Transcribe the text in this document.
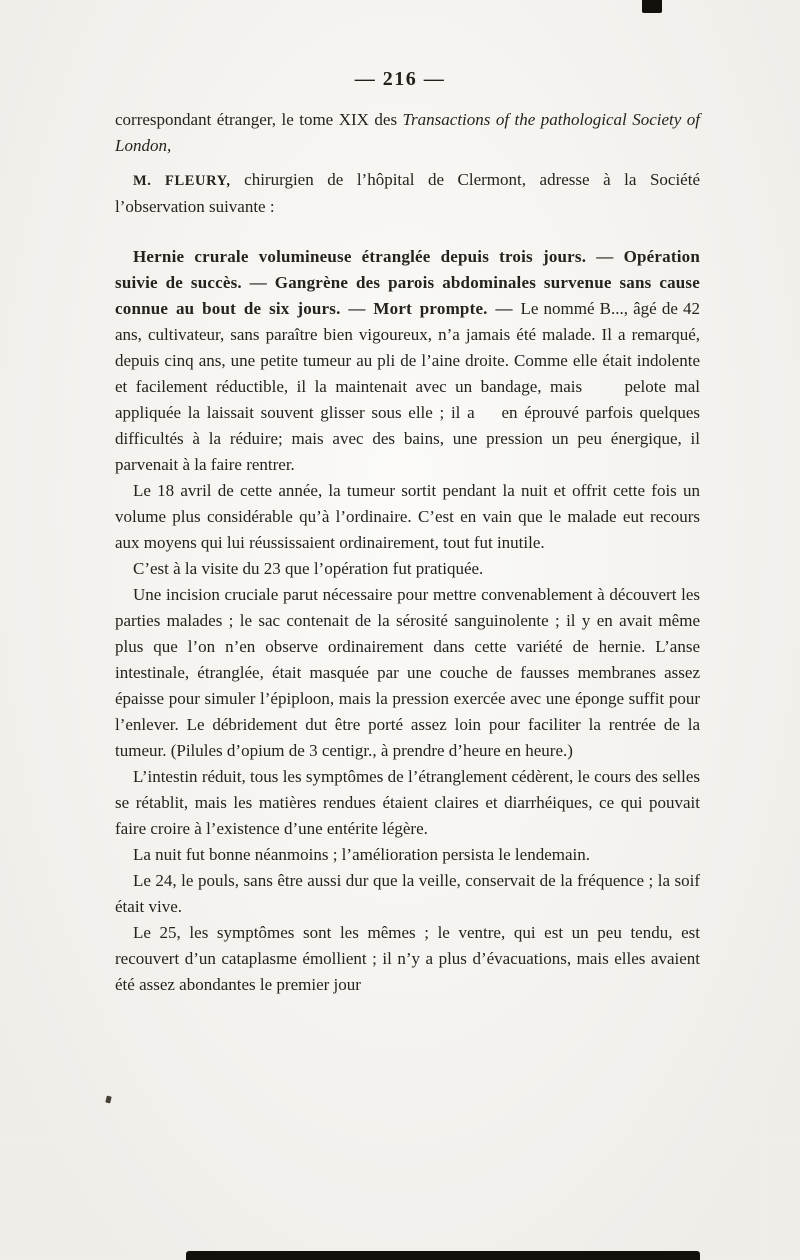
— 216 —

correspondant étranger, le tome XIX des Transactions of the pathological Society of London,

M. FLEURY, chirurgien de l’hôpital de Clermont, adresse à la Société l’observation suivante :

Hernie crurale volumineuse étranglée depuis trois jours. — Opération suivie de succès. — Gangrène des parois abdominales survenue sans cause connue au bout de six jours. — Mort prompte. — Le nommé B..., âgé de 42 ans, cultivateur, sans paraître bien vigoureux, n’a jamais été malade. Il a remarqué, depuis cinq ans, une petite tumeur au pli de l’aine droite. Comme elle était indolente et facilement réductible, il la maintenait avec un bandage, mais     pelote mal appliquée la laissait souvent glisser sous elle ; il a    en éprouvé parfois quelques difficultés à la réduire; mais avec des bains, une pression un peu énergique, il parvenait à la faire rentrer.

Le 18 avril de cette année, la tumeur sortit pendant la nuit et offrit cette fois un volume plus considérable qu’à l’ordinaire. C’est en vain que le malade eut recours aux moyens qui lui réussissaient ordinairement, tout fut inutile.

C’est à la visite du 23 que l’opération fut pratiquée.

Une incision cruciale parut nécessaire pour mettre convenablement à découvert les parties malades ; le sac contenait de la sérosité sanguinolente ; il y en avait même plus que l’on n’en observe ordinairement dans cette variété de hernie. L’anse intestinale, étranglée, était masquée par une couche de fausses membranes assez épaisse pour simuler l’épiploon, mais la pression exercée avec une éponge suffit pour l’enlever. Le débridement dut être porté assez loin pour faciliter la rentrée de la tumeur. (Pilules d’opium de 3 centigr., à prendre d’heure en heure.)

L’intestin réduit, tous les symptômes de l’étranglement cédèrent, le cours des selles se rétablit, mais les matières rendues étaient claires et diarrhéiques, ce qui pouvait faire croire à l’existence d’une entérite légère.

La nuit fut bonne néanmoins ; l’amélioration persista le lendemain.

Le 24, le pouls, sans être aussi dur que la veille, conservait de la fréquence ; la soif était vive.

Le 25, les symptômes sont les mêmes ; le ventre, qui est un peu tendu, est recouvert d’un cataplasme émollient ; il n’y a plus d’évacuations, mais elles avaient été assez abondantes le premier jour
